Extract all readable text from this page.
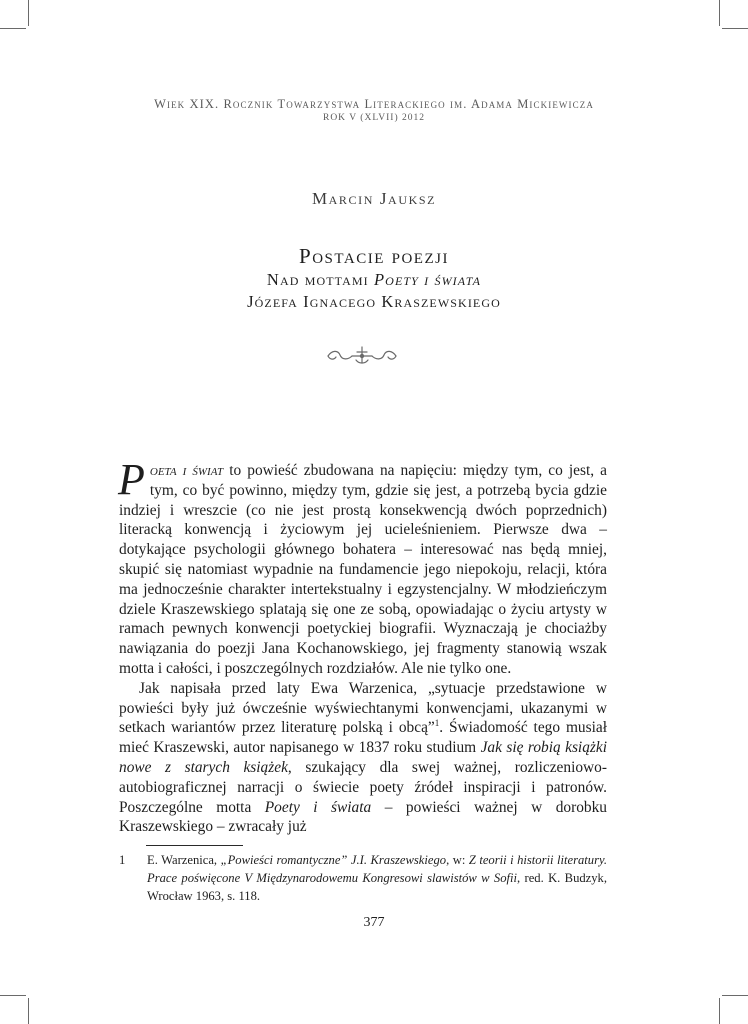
Wiek XIX. Rocznik Towarzystwa Literackiego im. Adama Mickiewicza
ROK V (XLVII) 2012
Marcin Jauksz
Postacie poezji
Nad mottami Poety i świata
Józefa Ignacego Kraszewskiego

Poeta i świat to powieść zbudowana na napięciu: między tym, co jest, a tym, co być powinno, między tym, gdzie się jest, a potrzebą bycia gdzie indziej i wreszcie (co nie jest prostą konsekwencją dwóch poprzednich) literacką konwencją i życiowym jej ucieleśnieniem. Pierwsze dwa – dotykające psychologii głównego bohatera – interesować nas będą mniej, skupić się natomiast wypadnie na fundamencie jego niepokoju, relacji, która ma jednocześnie charakter intertekstualny i egzystencjalny. W młodzieńczym dziele Kraszewskiego splatają się one ze sobą, opowiadając o życiu artysty w ramach pewnych konwencji poetyckiej biografii. Wyznaczają je chociażby nawiązania do poezji Jana Kochanowskiego, jej fragmenty stanowią wszak motta i całości, i poszczególnych rozdziałów. Ale nie tylko one.

Jak napisała przed laty Ewa Warzenica, „sytuacje przedstawione w powieści były już ówcześnie wyświechtanymi konwencjami, ukazanymi w setkach wariantów przez literaturę polską i obcą”$^1$. Świadomość tego musiał mieć Kraszewski, autor napisanego w 1837 roku studium Jak się robią książki nowe z starych książek, szukający dla swej ważnej, rozliczeniowo-autobiograficznej narracji o świecie poety źródeł inspiracji i patronów. Poszczególne motta Poety i świata – powieści ważnej w dorobku Kraszewskiego – zwracały już

1 E. Warzenica, „Powieści romantyczne” J.I. Kraszewskiego, w: Z teorii i historii literatury. Prace poświęcone V Międzynarodowemu Kongresowi slawistów w Sofii, red. K. Budzyk, Wrocław 1963, s. 118.
377
